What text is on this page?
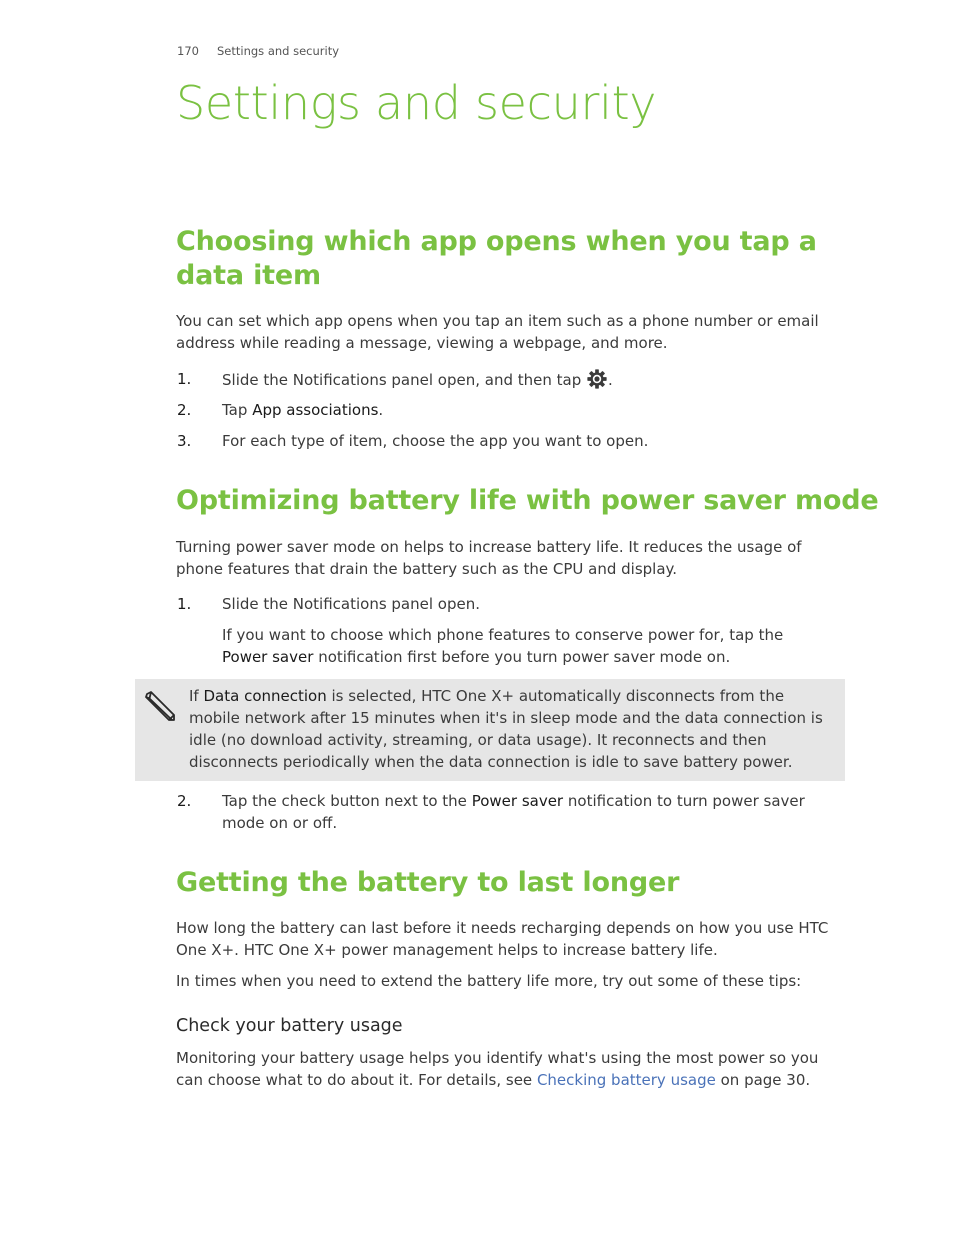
170 Settings and security
Settings and security
Choosing which app opens when you tap a data item

You can set which app opens when you tap an item such as a phone number or email address while reading a message, viewing a webpage, and more.

1.	Slide the Notifications panel open, and then tap .
2.	Tap App associations.
3.	For each type of item, choose the app you want to open.
Optimizing battery life with power saver mode

Turning power saver mode on helps to increase battery life. It reduces the usage of phone features that drain the battery such as the CPU and display.

1.	Slide the Notifications panel open.

If you want to choose which phone features to conserve power for, tap the Power saver notification first before you turn power saver mode on.

If Data connection is selected, HTC One X+ automatically disconnects from the mobile network after 15 minutes when it's in sleep mode and the data connection is idle (no download activity, streaming, or data usage). It reconnects and then disconnects periodically when the data connection is idle to save battery power.
2.	Tap the check button next to the Power saver notification to turn power saver mode on or off.
Getting the battery to last longer

How long the battery can last before it needs recharging depends on how you use HTC One X+. HTC One X+ power management helps to increase battery life.

In times when you need to extend the battery life more, try out some of these tips:

Check your battery usage

Monitoring your battery usage helps you identify what's using the most power so you can choose what to do about it. For details, see Checking battery usage on page 30.
